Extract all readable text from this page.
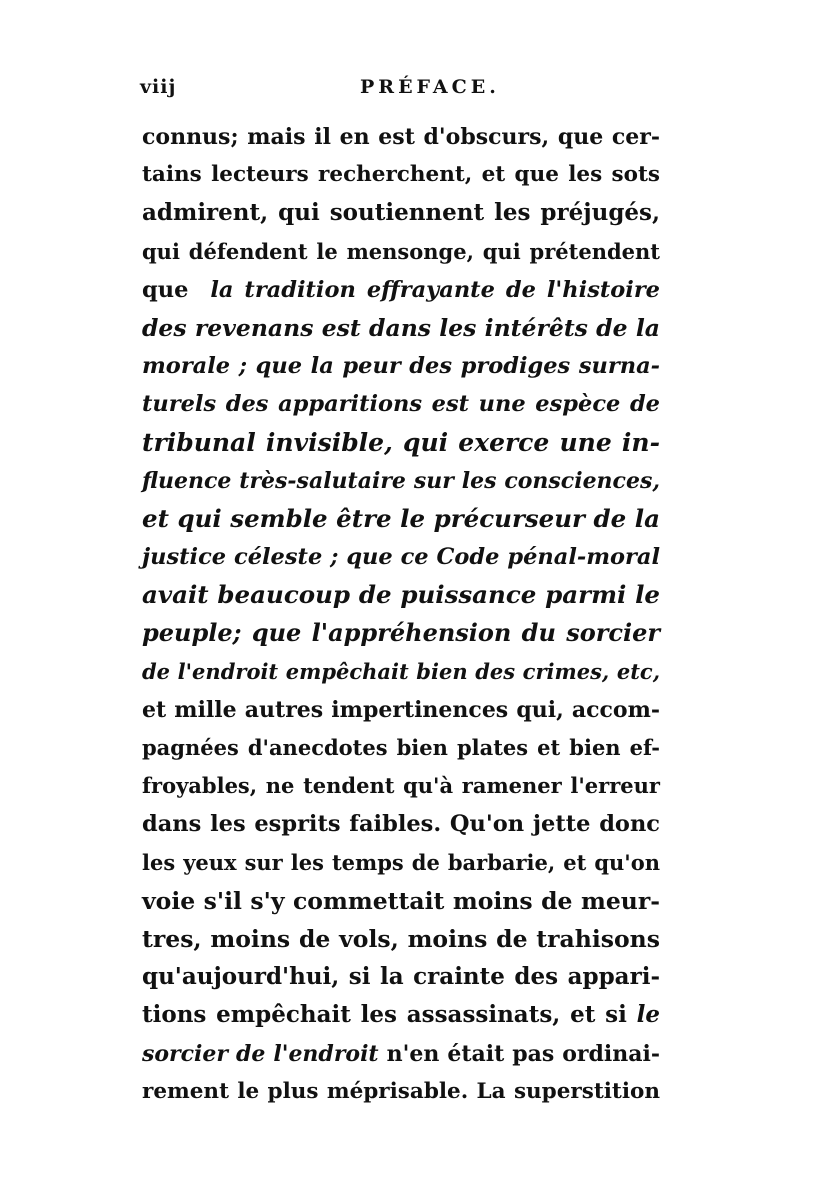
viij	PRÉFACE.
connus; mais il en est d'obscurs, que cer-
tains lecteurs recherchent, et que les sots
admirent, qui soutiennent les préjugés,
qui défendent le mensonge, qui prétendent
que la tradition effrayante de l'histoire
des revenans est dans les intérêts de la
morale ; que la peur des prodiges surna-
turels des apparitions est une espèce de
tribunal invisible, qui exerce une in-
fluence très-salutaire sur les consciences,
et qui semble être le précurseur de la
justice céleste ; que ce Code pénal-moral
avait beaucoup de puissance parmi le
peuple; que l'appréhension du sorcier
de l'endroit empêchait bien des crimes, etc,
et mille autres impertinences qui, accom-
pagnées d'anecdotes bien plates et bien ef-
froyables, ne tendent qu'à ramener l'erreur
dans les esprits faibles. Qu'on jette donc
les yeux sur les temps de barbarie, et qu'on
voie s'il s'y commettait moins de meur-
tres, moins de vols, moins de trahisons
qu'aujourd'hui, si la crainte des appari-
tions empêchait les assassinats, et si le
sorcier de l'endroit n'en était pas ordinai-
rement le plus méprisable. La superstition
